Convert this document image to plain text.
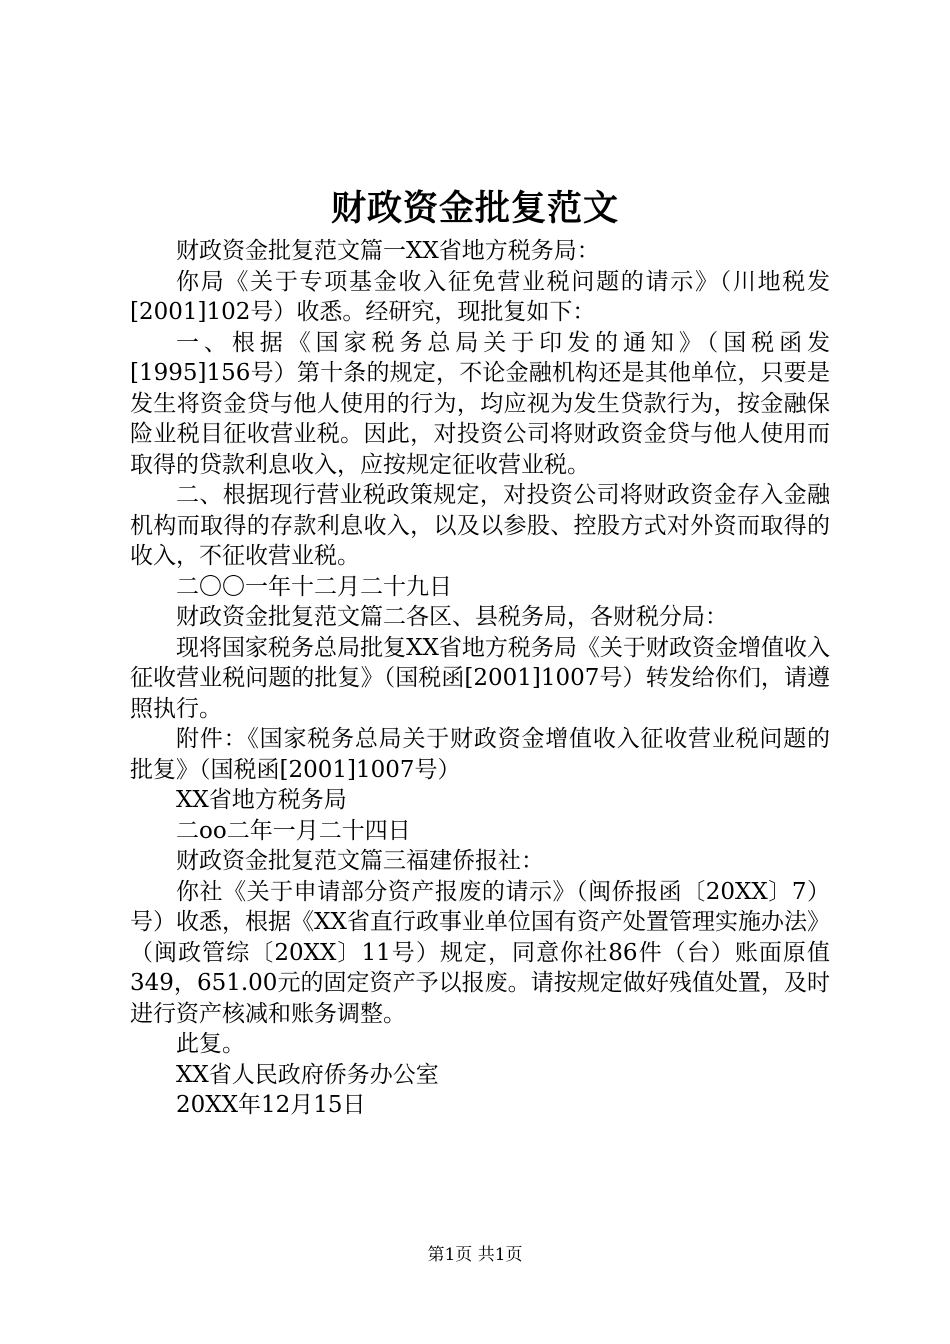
财政资金批复范文

财政资金批复范文篇一XX省地方税务局：

你局《关于专项基金收入征免营业税问题的请示》（川地税发[2001]102号）收悉。经研究，现批复如下：

一、根据《国家税务总局关于印发的通知》（国税函发[1995]156号）第十条的规定，不论金融机构还是其他单位，只要是发生将资金贷与他人使用的行为，均应视为发生贷款行为，按金融保险业税目征收营业税。因此，对投资公司将财政资金贷与他人使用而取得的贷款利息收入，应按规定征收营业税。

二、根据现行营业税政策规定，对投资公司将财政资金存入金融机构而取得的存款利息收入，以及以参股、控股方式对外资而取得的收入，不征收营业税。

二〇〇一年十二月二十九日

财政资金批复范文篇二各区、县税务局，各财税分局：

现将国家税务总局批复XX省地方税务局《关于财政资金增值收入征收营业税问题的批复》（国税函[2001]1007号）转发给你们，请遵照执行。

附件：《国家税务总局关于财政资金增值收入征收营业税问题的批复》（国税函[2001]1007号）

XX省地方税务局

二oo二年一月二十四日

财政资金批复范文篇三福建侨报社：

你社《关于申请部分资产报废的请示》（闽侨报函〔20XX〕7）号）收悉，根据《XX省直行政事业单位国有资产处置管理实施办法》（闽政管综〔20XX〕11号）规定，同意你社86件（台）账面原值349，651.00元的固定资产予以报废。请按规定做好残值处置，及时进行资产核减和账务调整。

此复。

XX省人民政府侨务办公室

20XX年12月15日

第1页 共1页
